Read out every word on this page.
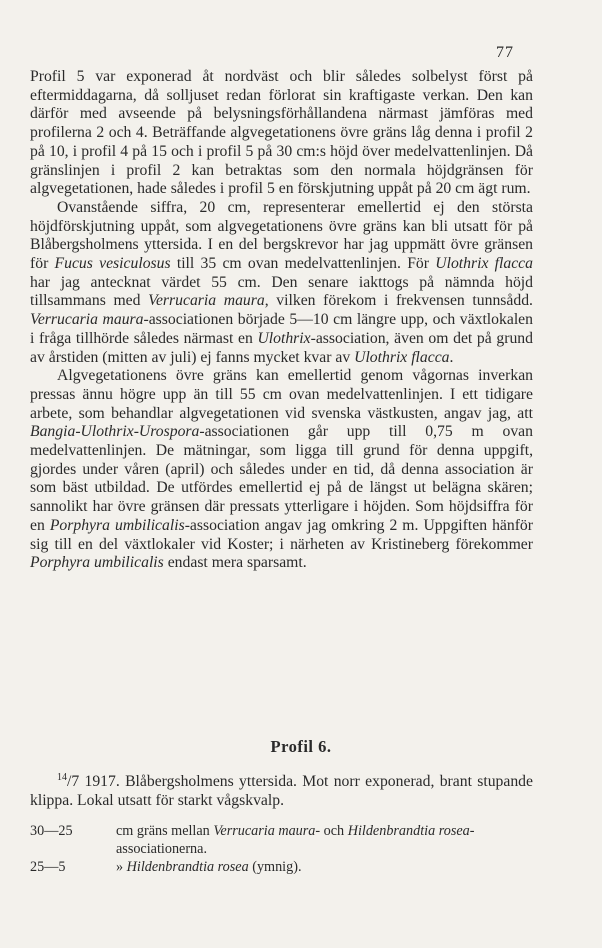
77

Profil 5 var exponerad åt nordväst och blir således solbelyst först på eftermiddagarna, då solljuset redan förlorat sin kraftigaste verkan. Den kan därför med avseende på belysningsförhållandena närmast jämföras med profilerna 2 och 4. Beträffande algvegetationens övre gräns låg denna i profil 2 på 10, i profil 4 på 15 och i profil 5 på 30 cm:s höjd över medelvattenlinjen. Då gränslinjen i profil 2 kan betraktas som den normala höjdgränsen för algvegetationen, hade således i profil 5 en förskjutning uppåt på 20 cm ägt rum.

Ovanstående siffra, 20 cm, representerar emellertid ej den största höjdförskjutning uppåt, som algvegetationens övre gräns kan bli utsatt för på Blåbergsholmens yttersida. I en del bergskrevor har jag uppmätt övre gränsen för Fucus vesiculosus till 35 cm ovan medelvattenlinjen. För Ulothrix flacca har jag antecknat värdet 55 cm. Den senare iakttogs på nämnda höjd tillsammans med Verrucaria maura, vilken förekom i frekvensen tunnsådd. Verrucaria maura-associationen började 5—10 cm längre upp, och växtlokalen i fråga tillhörde således närmast en Ulothrix-association, även om det på grund av årstiden (mitten av juli) ej fanns mycket kvar av Ulothrix flacca.

Algvegetationens övre gräns kan emellertid genom vågornas inverkan pressas ännu högre upp än till 55 cm ovan medelvattenlinjen. I ett tidigare arbete, som behandlar algvegetationen vid svenska västkusten, angav jag, att Bangia-Ulothrix-Urospora-associationen går upp till 0,75 m ovan medelvattenlinjen. De mätningar, som ligga till grund för denna uppgift, gjordes under våren (april) och således under en tid, då denna association är som bäst utbildad. De utfördes emellertid ej på de längst ut belägna skären; sannolikt har övre gränsen där pressats ytterligare i höjden. Som höjdsiffra för en Porphyra umbilicalis-association angav jag omkring 2 m. Uppgiften hänför sig till en del växtlokaler vid Koster; i närheten av Kristineberg förekommer Porphyra umbilicalis endast mera sparsamt.

Profil 6.

$^{14}$/7 1917. Blåbergsholmens yttersida. Mot norr exponerad, brant stupande klippa. Lokal utsatt för starkt vågskvalp.

30—25	cm gräns mellan Verrucaria maura- och Hildenbrandtia rosea-associationerna.
25—5	» Hildenbrandtia rosea (ymnig).
